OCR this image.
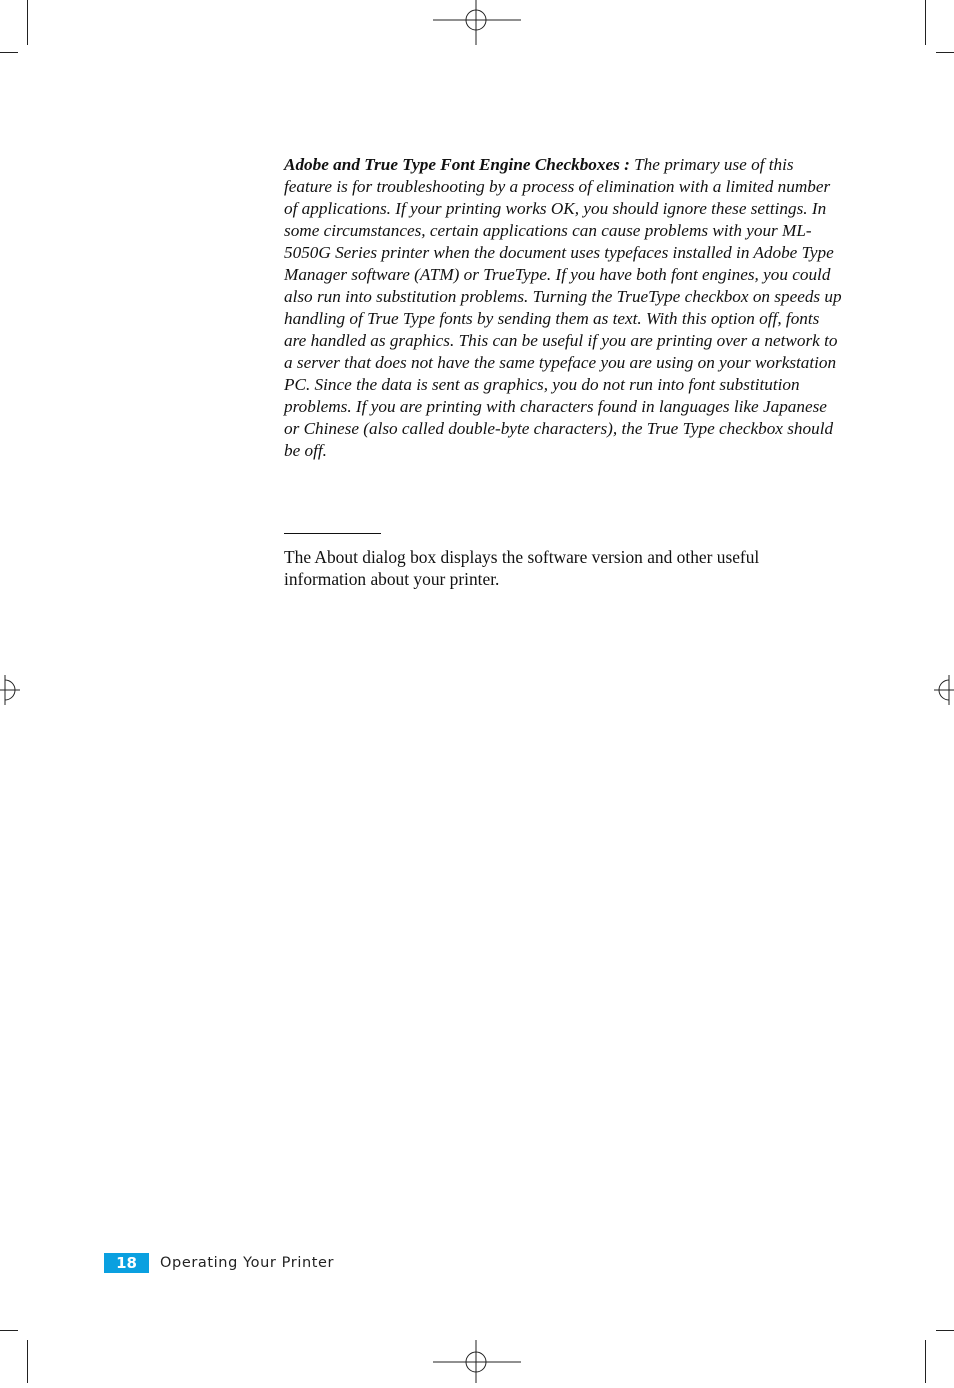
Adobe and True Type Font Engine Checkboxes : The primary use of this feature is for troubleshooting by a process of elimination with a limited number of applications. If your printing works OK, you should ignore these settings. In some circumstances, certain applications can cause problems with your ML-5050G Series printer when the document uses typefaces installed in Adobe Type Manager software (ATM) or TrueType. If you have both font engines, you could also run into substitution problems. Turning the TrueType checkbox on speeds up handling of True Type fonts by sending them as text. With this option off, fonts are handled as graphics. This can be useful if you are printing over a network to a server that does not have the same typeface you are using on your workstation PC. Since the data is sent as graphics, you do not run into font substitution problems. If you are printing with characters found in languages like Japanese or Chinese (also called double-byte characters), the True Type checkbox should be off.

The About dialog box displays the software version and other useful information about your printer.

18	Operating Your Printer
